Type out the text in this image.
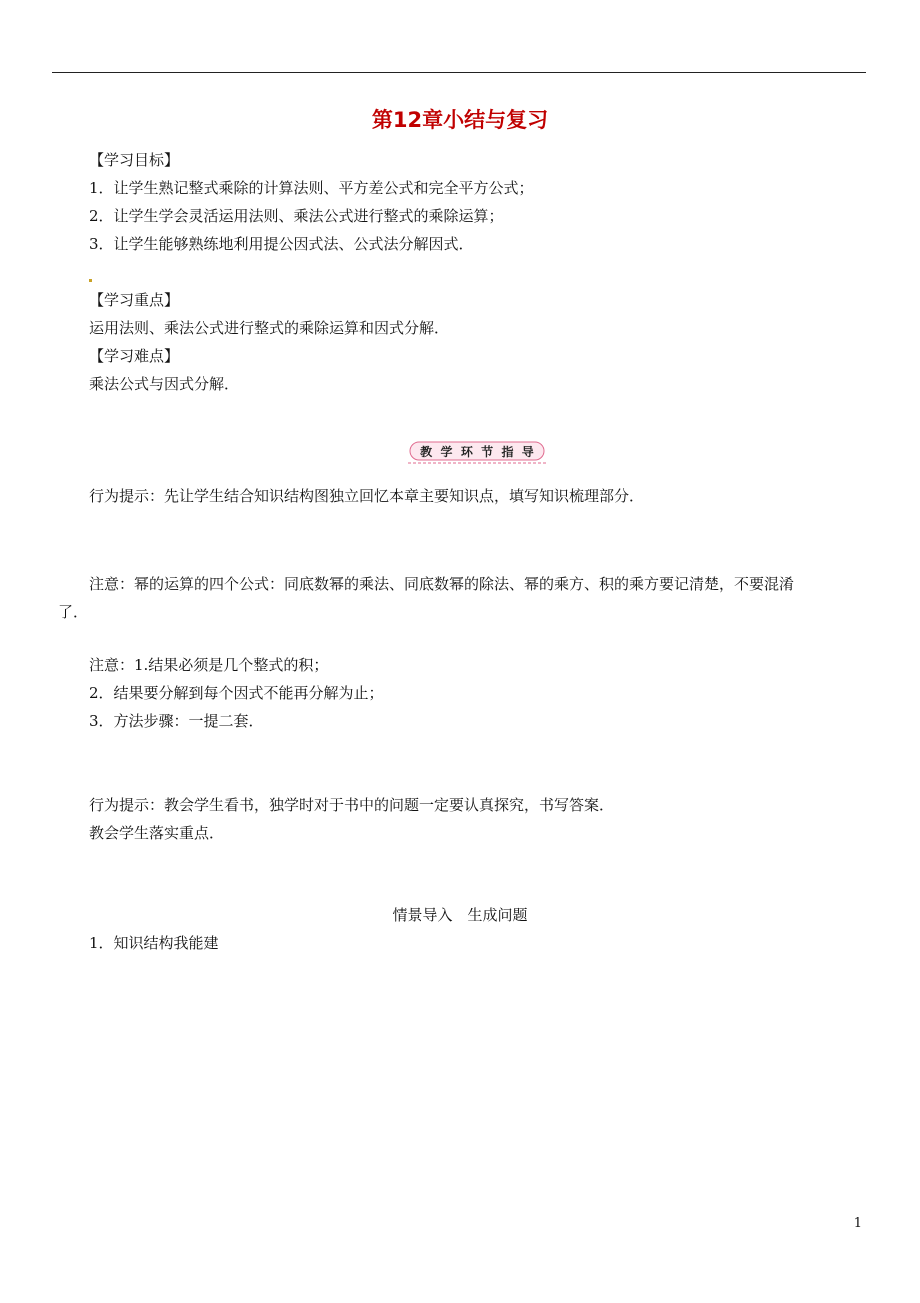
第12章小结与复习
【学习目标】
1．让学生熟记整式乘除的计算法则、平方差公式和完全平方公式；
2．让学生学会灵活运用法则、乘法公式进行整式的乘除运算；
3．让学生能够熟练地利用提公因式法、公式法分解因式．
【学习重点】
运用法则、乘法公式进行整式的乘除运算和因式分解．
【学习难点】
乘法公式与因式分解．
教 学 环 节 指 导
行为提示：先让学生结合知识结构图独立回忆本章主要知识点，填写知识梳理部分．
注意：幂的运算的四个公式：同底数幂的乘法、同底数幂的除法、幂的乘方、积的乘方要记清楚，不要混淆
了．
注意：1.结果必须是几个整式的积；
2．结果要分解到每个因式不能再分解为止；
3．方法步骤：一提二套．
行为提示：教会学生看书，独学时对于书中的问题一定要认真探究，书写答案．
教会学生落实重点．
情景导入　生成问题
1．知识结构我能建
1
